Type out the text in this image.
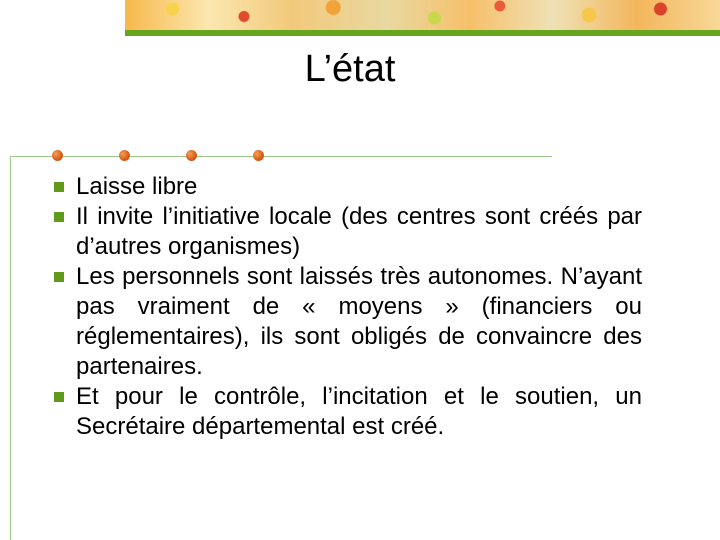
L’état
Laisse libre
Il invite l’initiative locale (des centres sont créés par d’autres organismes)
Les personnels sont laissés très autonomes. N’ayant pas vraiment de « moyens » (financiers ou réglementaires), ils sont obligés de convaincre des partenaires.
Et pour le contrôle, l’incitation et le soutien, un Secrétaire départemental est créé.
